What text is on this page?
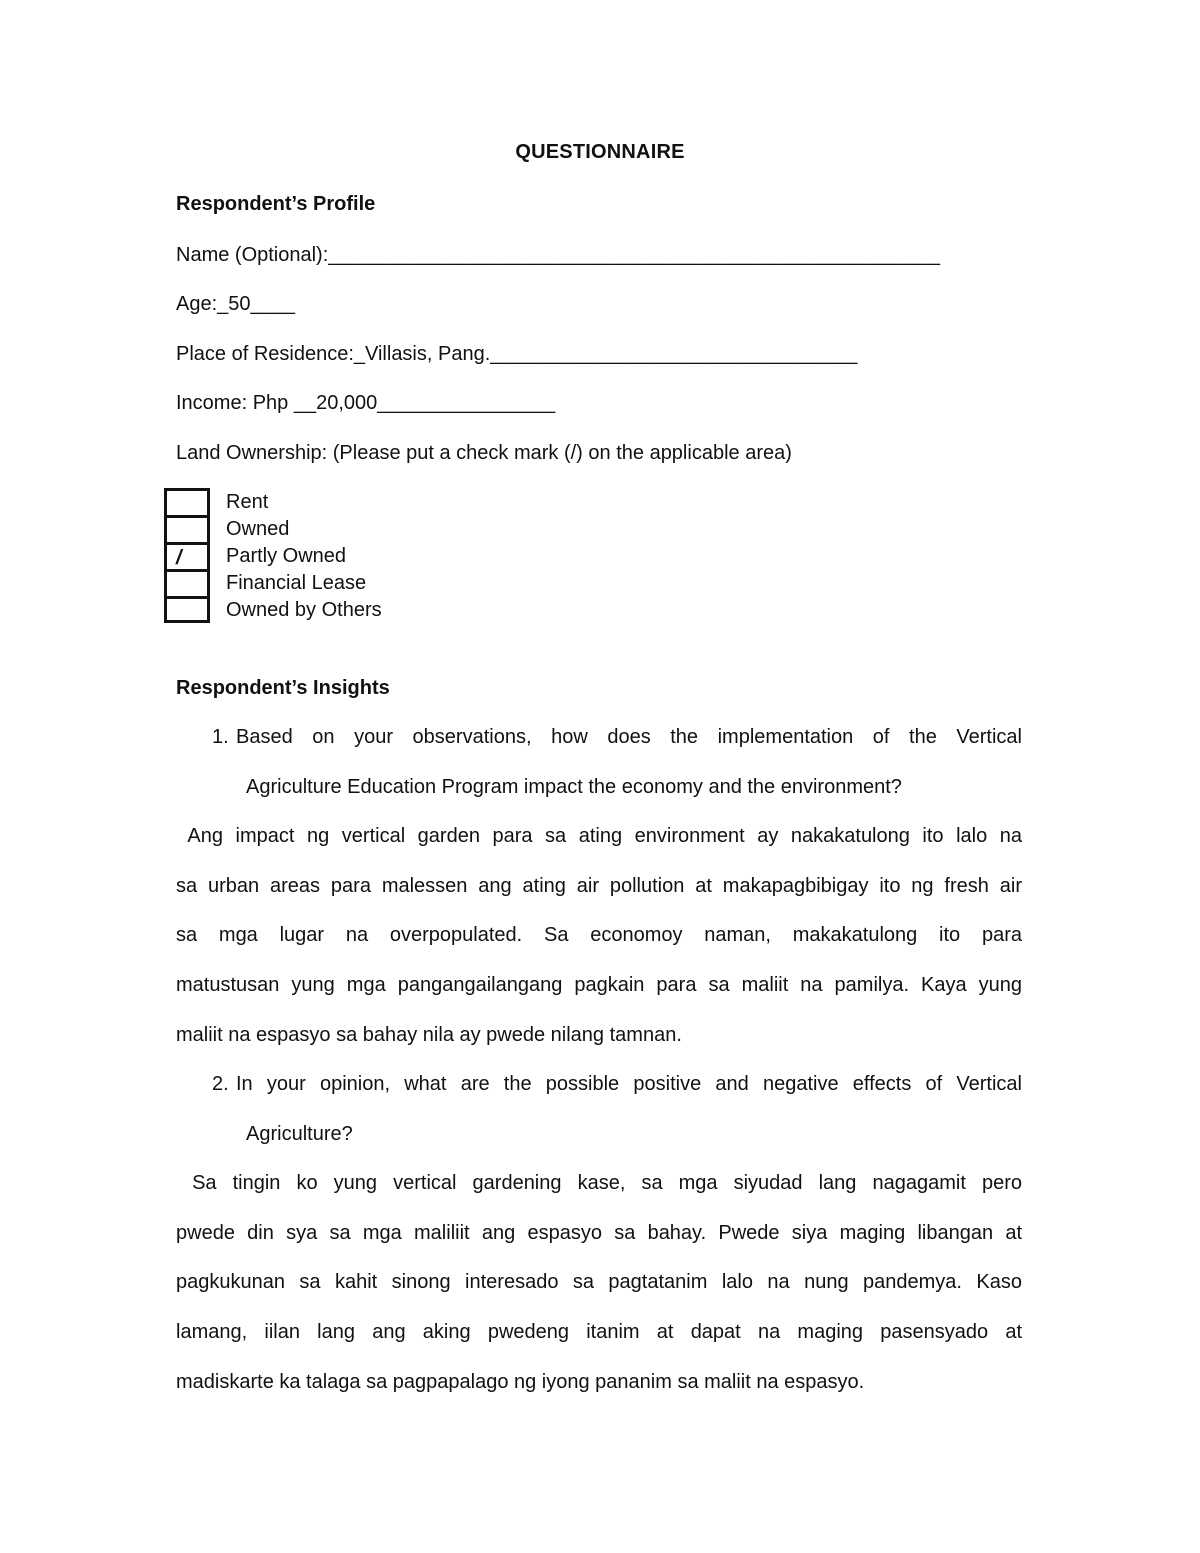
QUESTIONNAIRE
Respondent’s Profile
Name (Optional):_______________________________________________________
Age:_50____
Place of Residence:_Villasis, Pang._________________________________
Income: Php __20,000________________
Land Ownership: (Please put a check mark (/) on the applicable area)
Rent
Owned
/	Partly Owned
Financial Lease
Owned by Others
Respondent’s Insights
1. Based on your observations, how does the implementation of the Vertical
Agriculture Education Program impact the economy and the environment?
Ang impact ng vertical garden para sa ating environment ay nakakatulong ito lalo na
sa urban areas para malessen ang ating air pollution at makapagbibigay ito ng fresh air
sa mga lugar na overpopulated. Sa economoy naman, makakatulong ito para
matustusan yung mga pangangailangang pagkain para sa maliit na pamilya. Kaya yung
maliit na espasyo sa bahay nila ay pwede nilang tamnan.
2. In your opinion, what are the possible positive and negative effects of Vertical
Agriculture?
Sa tingin ko yung vertical gardening kase, sa mga siyudad lang nagagamit pero
pwede din sya sa mga maliliit ang espasyo sa bahay. Pwede siya maging libangan at
pagkukunan sa kahit sinong interesado sa pagtatanim lalo na nung pandemya. Kaso
lamang, iilan lang ang aking pwedeng itanim at dapat na maging pasensyado at
madiskarte ka talaga sa pagpapalago ng iyong pananim sa maliit na espasyo.
